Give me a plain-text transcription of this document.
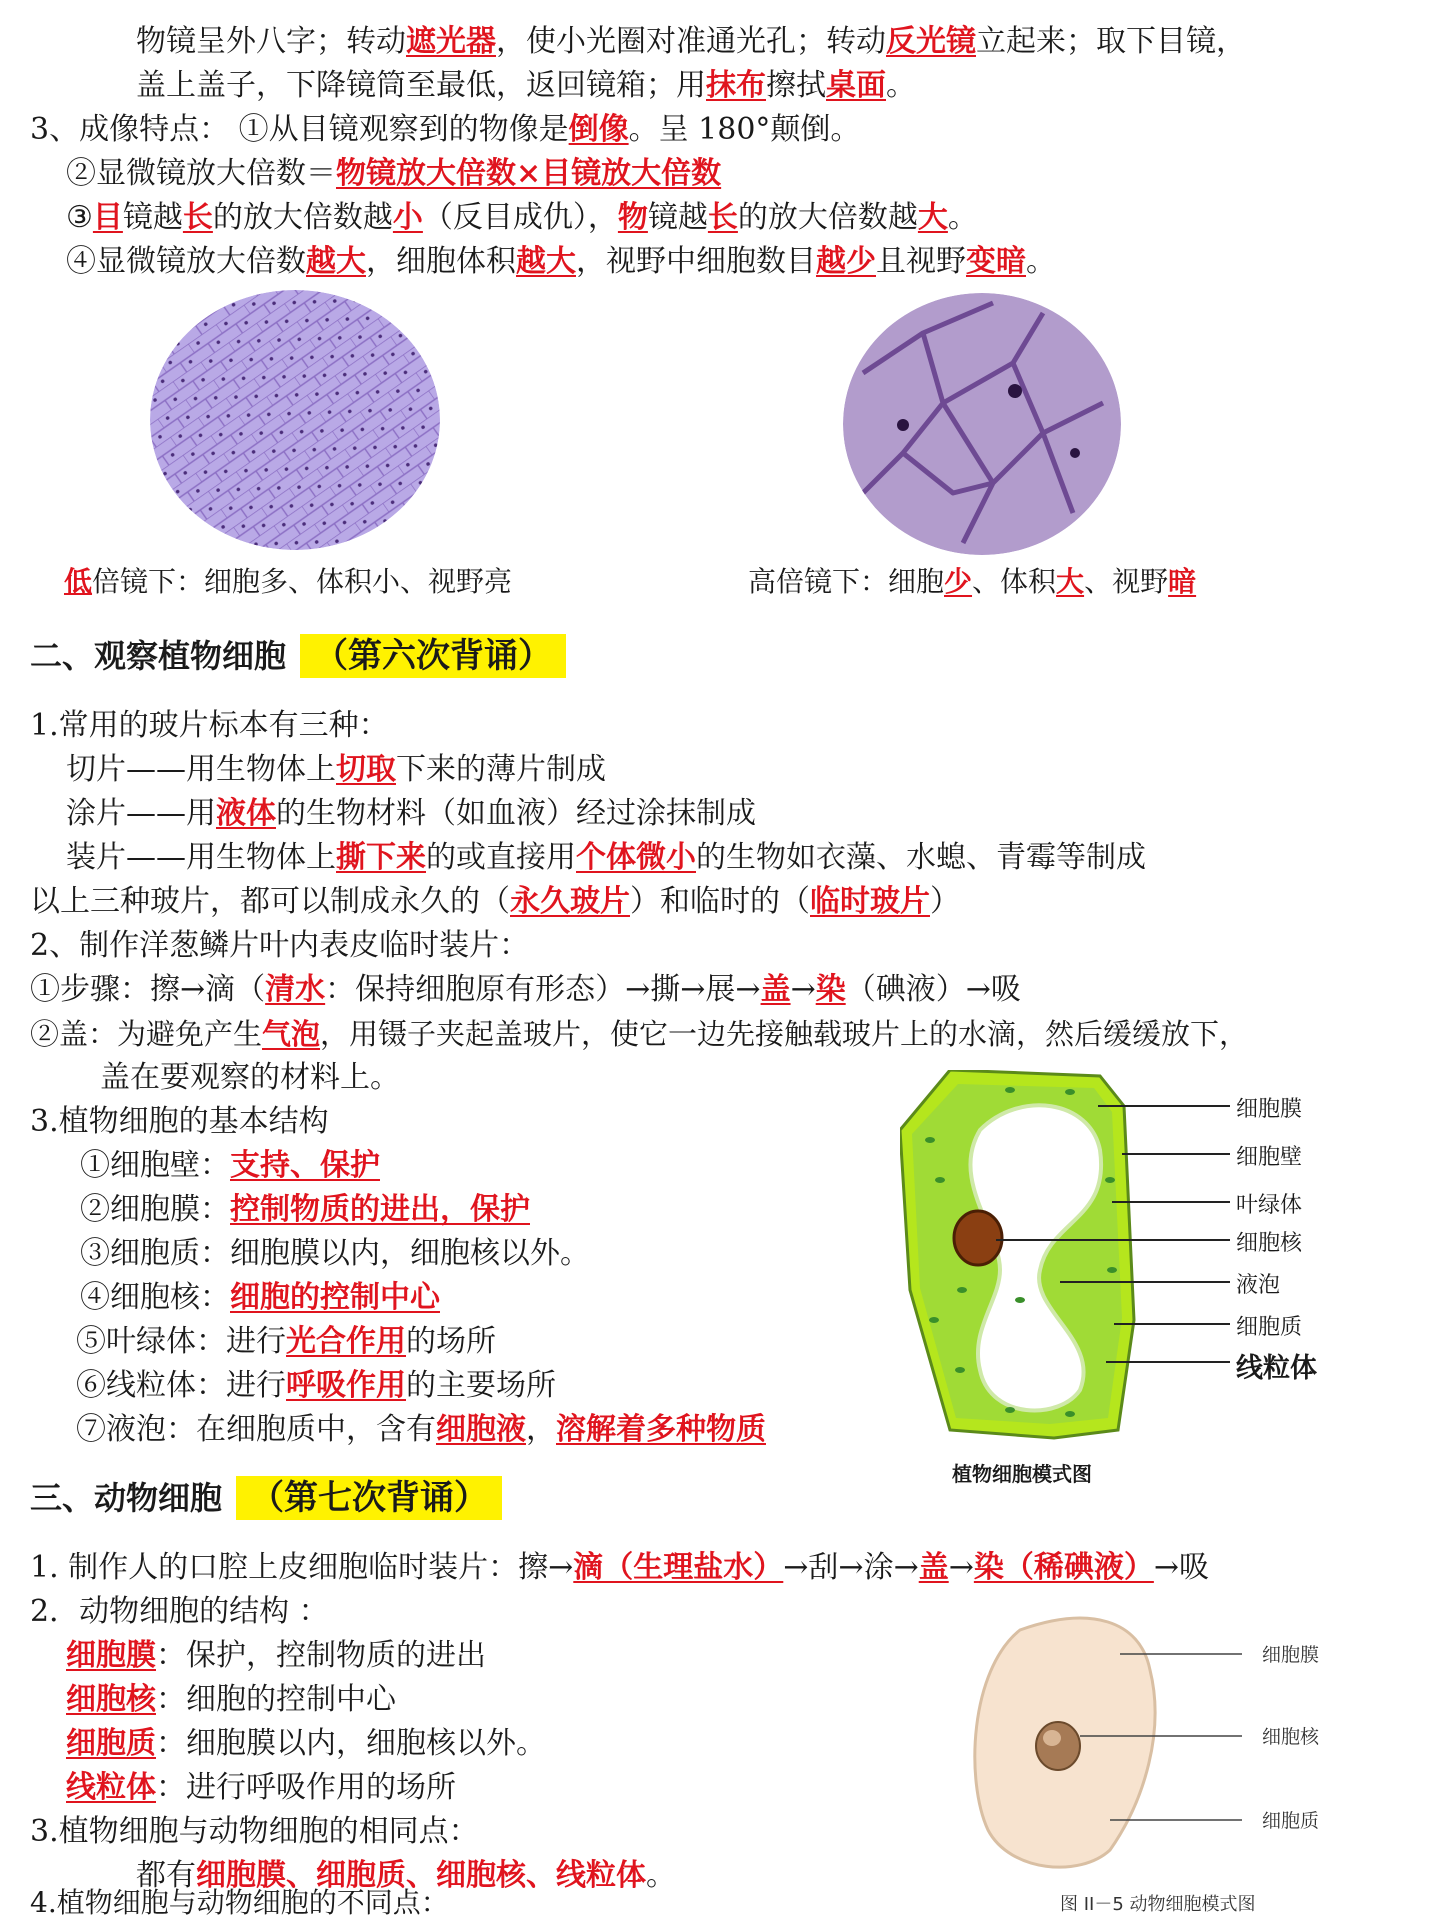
物镜呈外八字；转动遮光器，使小光圈对准通光孔；转动反光镜立起来；取下目镜，
盖上盖子，下降镜筒至最低，返回镜箱；用抹布擦拭桌面。
3、成像特点： ①从目镜观察到的物像是倒像。呈 180°颠倒。
②显微镜放大倍数＝物镜放大倍数×目镜放大倍数
③目镜越长的放大倍数越小（反目成仇），物镜越长的放大倍数越大。
④显微镜放大倍数越大，细胞体积越大，视野中细胞数目越少且视野变暗。
低倍镜下：细胞多、体积小、视野亮	高倍镜下：细胞少、体积大、视野暗
二、观察植物细胞 （第六次背诵）
1.常用的玻片标本有三种：
切片——用生物体上切取下来的薄片制成
涂片——用液体的生物材料（如血液）经过涂抹制成
装片——用生物体上撕下来的或直接用个体微小的生物如衣藻、水螅、青霉等制成
以上三种玻片，都可以制成永久的（永久玻片）和临时的（临时玻片）
2、制作洋葱鳞片叶内表皮临时装片：
①步骤：擦→滴（清水：保持细胞原有形态）→撕→展→盖→染（碘液）→吸
②盖：为避免产生气泡，用镊子夹起盖玻片，使它一边先接触载玻片上的水滴，然后缓缓放下，
盖在要观察的材料上。
3.植物细胞的基本结构
①细胞壁：支持、保护
②细胞膜：控制物质的进出，保护
③细胞质：细胞膜以内，细胞核以外。
④细胞核：细胞的控制中心
⑤叶绿体：进行光合作用的场所
⑥线粒体：进行呼吸作用的主要场所
⑦液泡：在细胞质中，含有细胞液，溶解着多种物质
细胞膜
细胞壁
叶绿体
细胞核
液泡
细胞质
线粒体
植物细胞模式图
三、动物细胞 （第七次背诵）
1. 制作人的口腔上皮细胞临时装片：擦→滴（生理盐水）→刮→涂→盖→染（稀碘液）→吸
2．动物细胞的结构 ：
细胞膜：保护，控制物质的进出
细胞核：细胞的控制中心
细胞质：细胞膜以内，细胞核以外。
线粒体：进行呼吸作用的场所
3.植物细胞与动物细胞的相同点：
都有细胞膜、细胞质、细胞核、线粒体。
4.植物细胞与动物细胞的不同点：
细胞膜
细胞核
细胞质
图 II－5 动物细胞模式图
